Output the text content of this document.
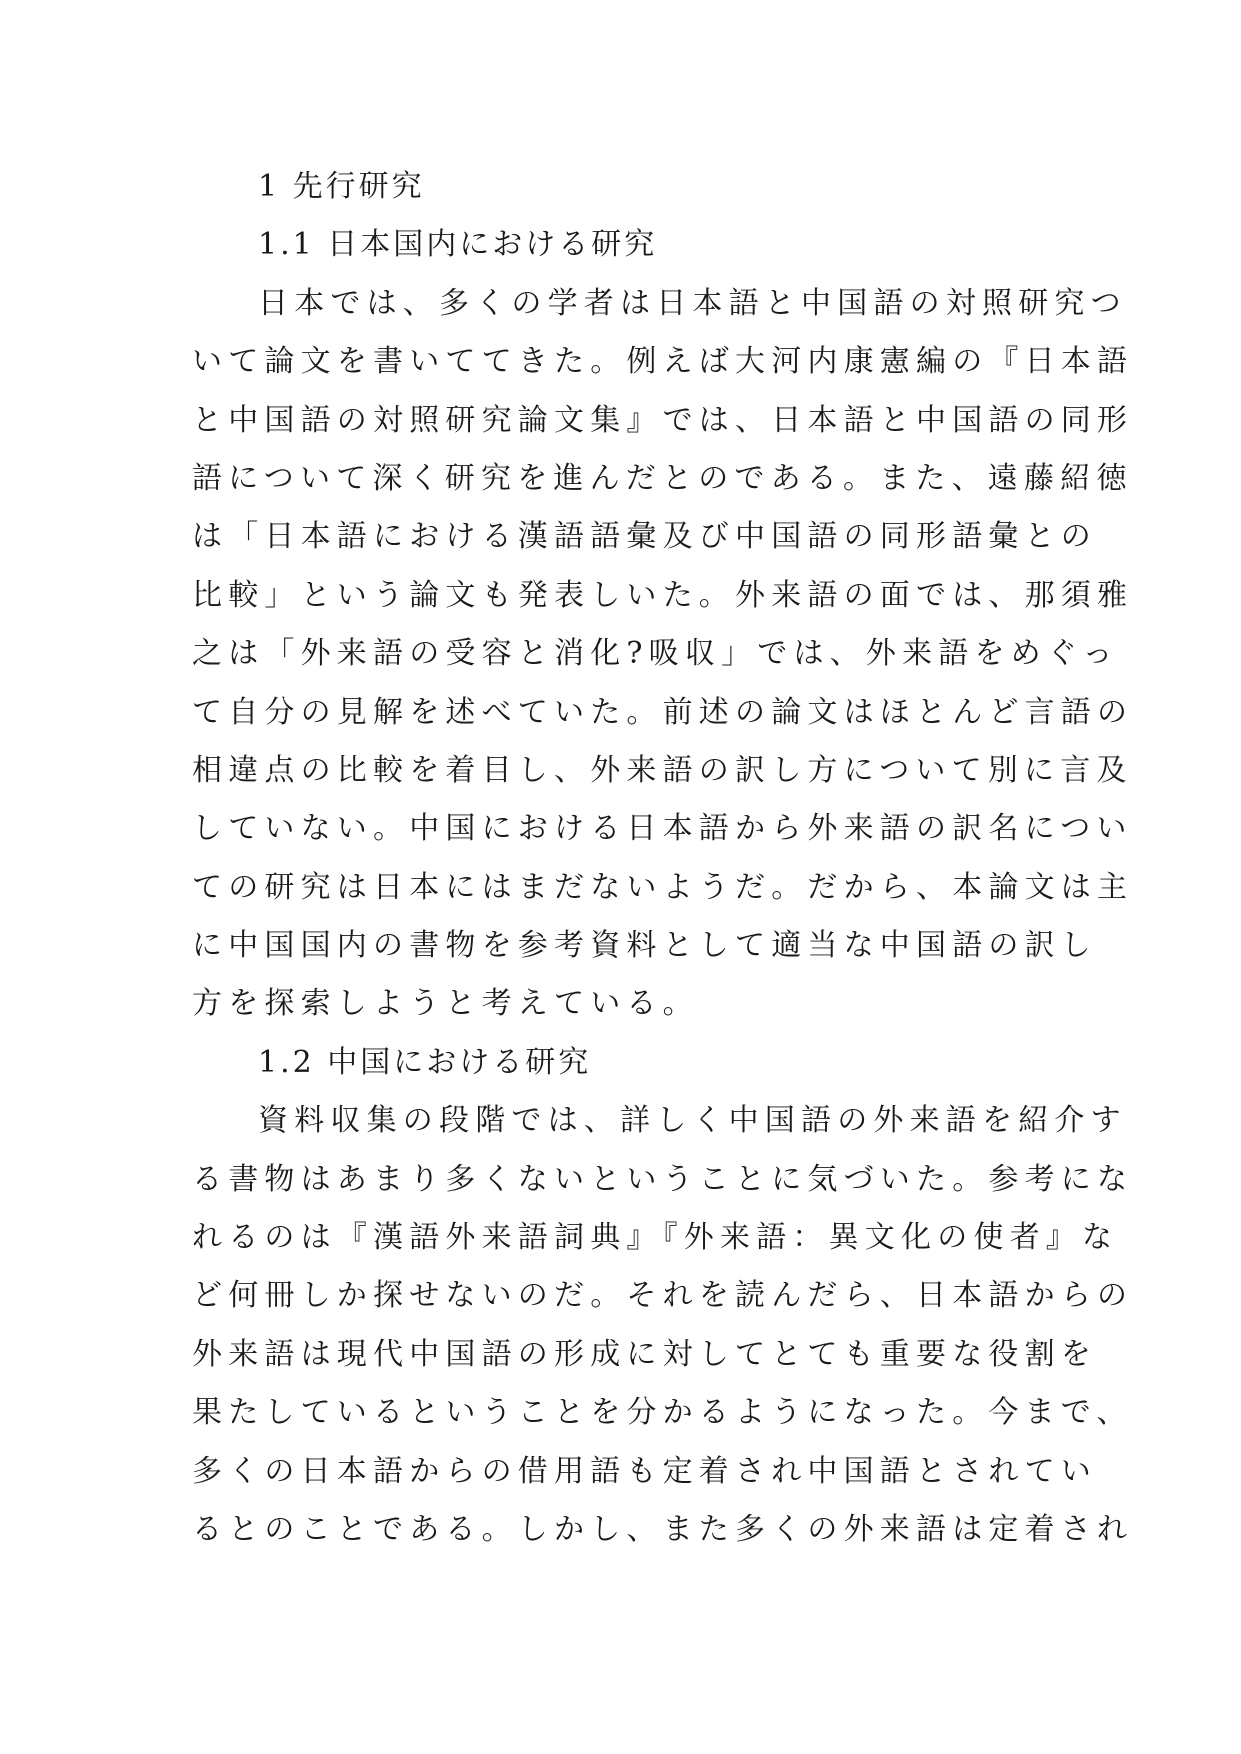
1 先行研究
1.1 日本国内における研究
日本では、多くの学者は日本語と中国語の対照研究つ
いて論文を書いててきた。例えば大河内康憲編の『日本語
と中国語の対照研究論文集』では、日本語と中国語の同形
語について深く研究を進んだとのである。また、遠藤紹徳
は「日本語における漢語語彙及び中国語の同形語彙との
比較」という論文も発表しいた。外来語の面では、那須雅
之は「外来語の受容と消化?吸収」では、外来語をめぐっ
て自分の見解を述べていた。前述の論文はほとんど言語の
相違点の比較を着目し、外来語の訳し方について別に言及
していない。中国における日本語から外来語の訳名につい
ての研究は日本にはまだないようだ。だから、本論文は主
に中国国内の書物を参考資料として適当な中国語の訳し
方を探索しようと考えている。
1.2 中国における研究
資料収集の段階では、詳しく中国語の外来語を紹介す
る書物はあまり多くないということに気づいた。参考にな
れるのは『漢語外来語詞典』『外来語：異文化の使者』な
ど何冊しか探せないのだ。それを読んだら、日本語からの
外来語は現代中国語の形成に対してとても重要な役割を
果たしているということを分かるようになった。今まで、
多くの日本語からの借用語も定着され中国語とされてい
るとのことである。しかし、また多くの外来語は定着され
